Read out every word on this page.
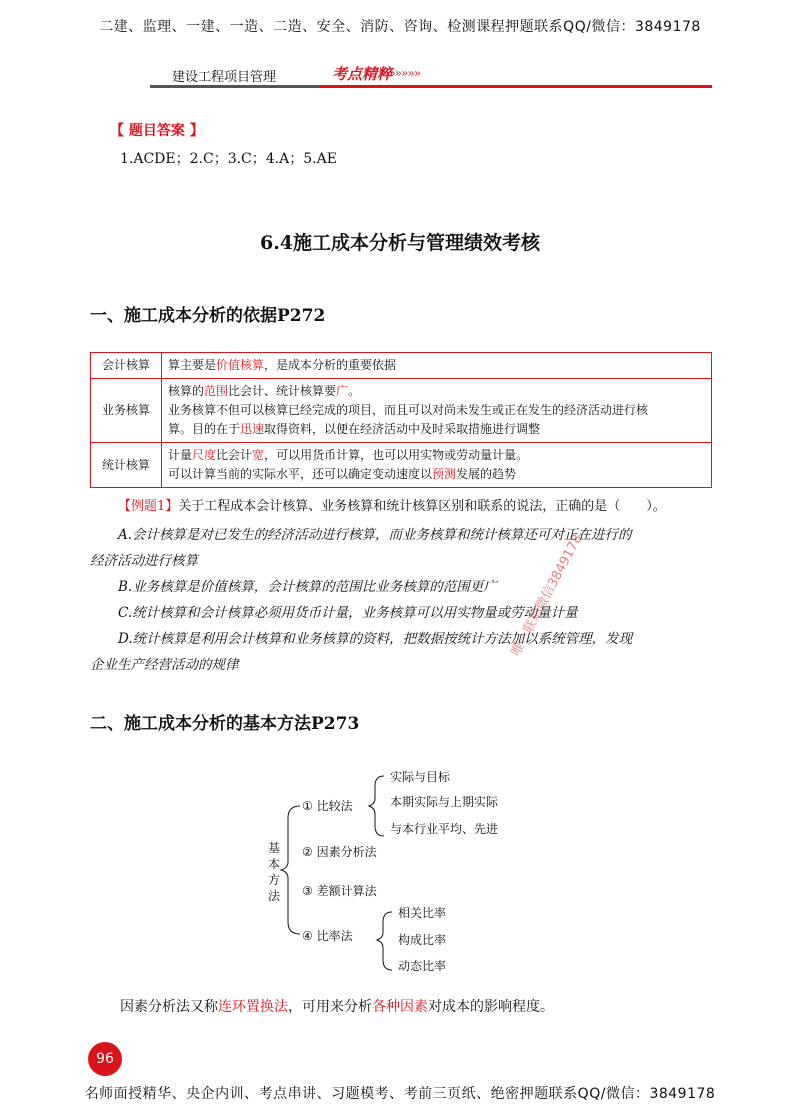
二建、监理、一建、一造、二造、安全、消防、咨询、检测课程押题联系QQ/微信：3849178
建设工程项目管理	考点精粹
»»»»»»
【 题目答案 】
1.ACDE；2.C；3.C；4.A；5.AE
6.4施工成本分析与管理绩效考核
一、施工成本分析的依据P272
会计核算	算主要是价值核算，是成本分析的重要依据

业务核算	核算的范围比会计、统计核算要广。
业务核算不但可以核算已经完成的项目，而且可以对尚未发生或正在发生的经济活动进行核
算。目的在于迅速取得资料，以便在经济活动中及时采取措施进行调整

统计核算	计量尺度比会计宽，可以用货币计算，也可以用实物或劳动量计量。
可以计算当前的实际水平，还可以确定变动速度以预测发展的趋势
【例题1】关于工程成本会计核算、业务核算和统计核算区别和联系的说法，正确的是（　　）。
A.会计核算是对已发生的经济活动进行核算，而业务核算和统计核算还可对正在进行的
经济活动进行核算
B.业务核算是价值核算，会计核算的范围比业务核算的范围更广
C.统计核算和会计核算必须用货币计量，业务核算可以用实物量或劳动量计量
D.统计核算是利用会计核算和业务核算的资料，把数据按统计方法加以系统管理，发现
企业生产经营活动的规律
二、施工成本分析的基本方法P273
基
本
方
法
① 比较法
② 因素分析法
③ 差额计算法
④ 比率法
实际与目标
本期实际与上期实际
与本行业平均、先进
相关比率
构成比率
动态比率
因素分析法又称连环置换法，可用来分析各种因素对成本的影响程度。
唯一联系微信3849178
96
名师面授精华、央企内训、考点串讲、习题模考、考前三页纸、绝密押题联系QQ/微信：3849178
